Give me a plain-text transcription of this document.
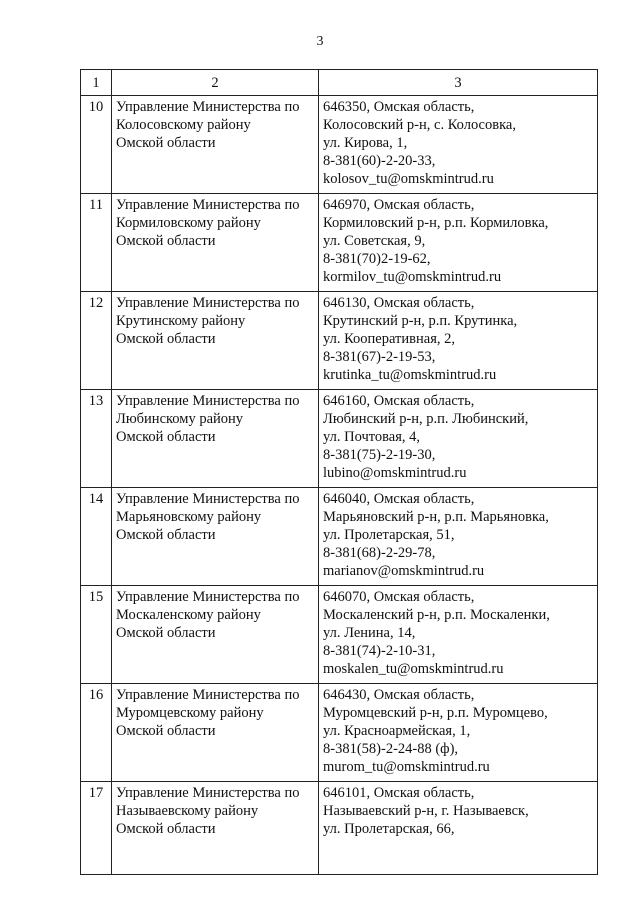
3
1	2	3
10	Управление Министерства по
Колосовскому району
Омской области	646350, Омская область,
Колосовский р-н, с. Колосовка,
ул. Кирова, 1,
8-381(60)-2-20-33,
kolosov_tu@omskmintrud.ru

11	Управление Министерства по
Кормиловскому району
Омской области	646970, Омская область,
Кормиловский р-н, р.п. Кормиловка,
ул. Советская, 9,
8-381(70)2-19-62,
kormilov_tu@omskmintrud.ru

12	Управление Министерства по
Крутинскому району
Омской области	646130, Омская область,
Крутинский р-н, р.п. Крутинка,
ул. Кооперативная, 2,
8-381(67)-2-19-53,
krutinka_tu@omskmintrud.ru

13	Управление Министерства по
Любинскому району
Омской области	646160, Омская область,
Любинский р-н, р.п. Любинский,
ул. Почтовая, 4,
8-381(75)-2-19-30,
lubino@omskmintrud.ru

14	Управление Министерства по
Марьяновскому району
Омской области	646040, Омская область,
Марьяновский р-н, р.п. Марьяновка,
ул. Пролетарская, 51,
8-381(68)-2-29-78,
marianov@omskmintrud.ru

15	Управление Министерства по
Москаленскому району
Омской области	646070, Омская область,
Москаленский р-н, р.п. Москаленки,
ул. Ленина, 14,
8-381(74)-2-10-31,
moskalen_tu@omskmintrud.ru

16	Управление Министерства по
Муромцевскому району
Омской области	646430, Омская область,
Муромцевский р-н, р.п. Муромцево,
ул. Красноармейская, 1,
8-381(58)-2-24-88 (ф),
murom_tu@omskmintrud.ru

17	Управление Министерства по
Называевскому району
Омской области	646101, Омская область,
Называевский р-н, г. Называевск,
ул. Пролетарская, 66,
